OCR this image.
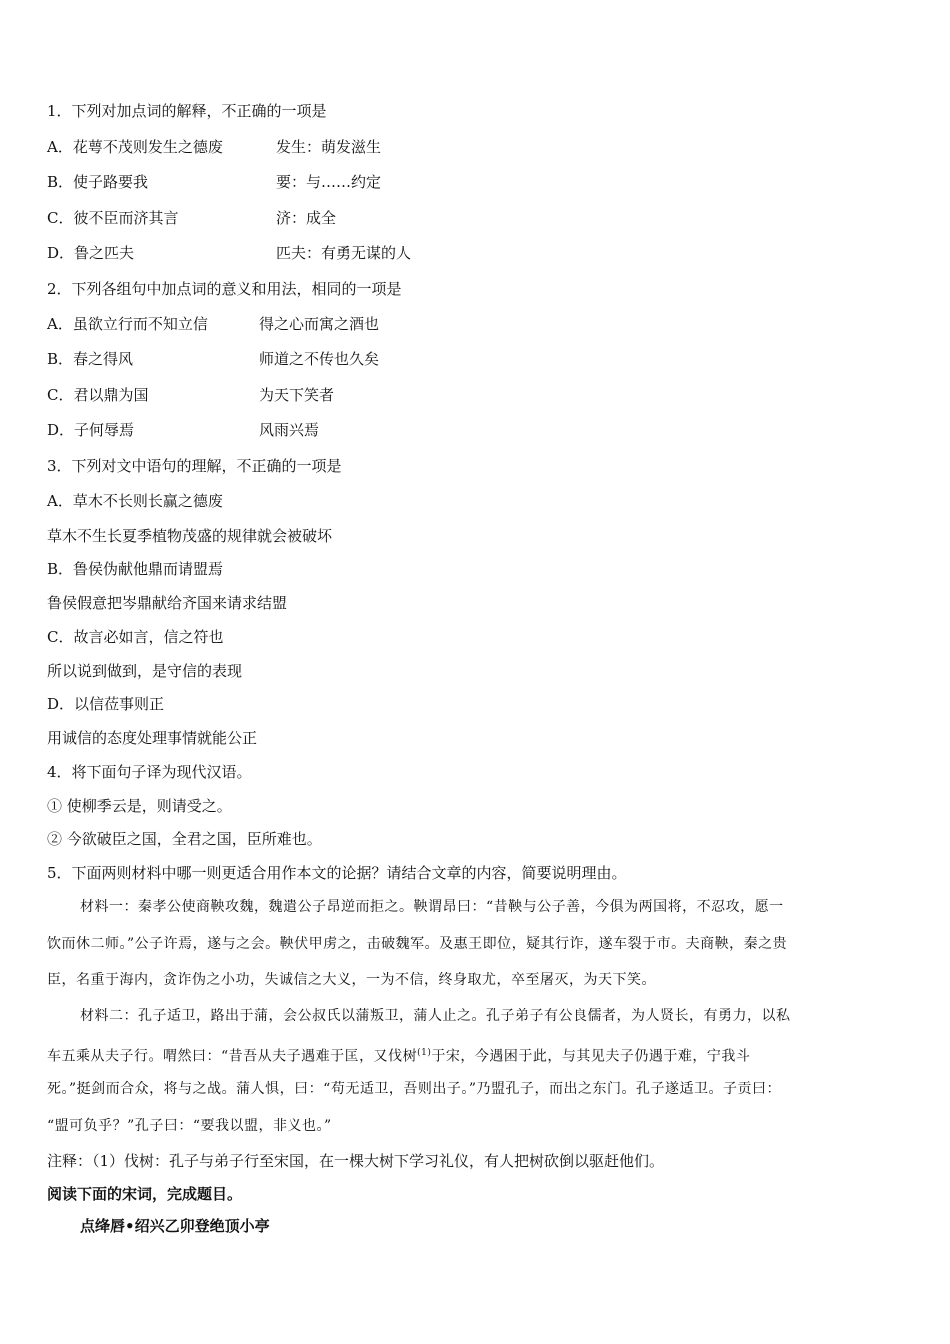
1．下列对加点词的解释，不正确的一项是
A．花萼不茂则发生之德废	发生：萌发滋生
B．使子路要我	要：与……约定
C．彼不臣而济其言	济：成全
D．鲁之匹夫	匹夫：有勇无谋的人
2．下列各组句中加点词的意义和用法，相同的一项是
A．虽欲立行而不知立信	得之心而寓之酒也
B．春之得风	师道之不传也久矣
C．君以鼎为国	为天下笑者
D．子何辱焉	风雨兴焉
3．下列对文中语句的理解，不正确的一项是
A．草木不长则长赢之德废
草木不生长夏季植物茂盛的规律就会被破坏
B．鲁侯伪献他鼎而请盟焉
鲁侯假意把岑鼎献给齐国来请求结盟
C．故言必如言，信之符也
所以说到做到，是守信的表现
D．以信莅事则正
用诚信的态度处理事情就能公正
4．将下面句子译为现代汉语。
① 使柳季云是，则请受之。
② 今欲破臣之国，全君之国，臣所难也。
5．下面两则材料中哪一则更适合用作本文的论据？请结合文章的内容，简要说明理由。
材料一：秦孝公使商鞅攻魏，魏遣公子昂逆而拒之。鞅谓昂曰：“昔鞅与公子善，今俱为两国将，不忍攻，愿一
饮而休二师。”公子许焉，遂与之会。鞅伏甲虏之，击破魏军。及惠王即位，疑其行诈，遂车裂于市。夫商鞅，秦之贵
臣，名重于海内，贪诈伪之小功，失诚信之大义，一为不信，终身取尤，卒至屠灭，为天下笑。
材料二：孔子适卫，路出于蒲，会公叔氏以蒲叛卫，蒲人止之。孔子弟子有公良儒者，为人贤长，有勇力，以私
车五乘从夫子行。喟然曰：“昔吾从夫子遇难于匡，又伐树$^{(1)}$于宋，今遇困于此，与其见夫子仍遇于难，宁我斗
死。”挺剑而合众，将与之战。蒲人惧，曰：“苟无适卫，吾则出子。”乃盟孔子，而出之东门。孔子遂适卫。子贡曰：
“盟可负乎？”孔子曰：“要我以盟，非义也。”
注释：（1）伐树：孔子与弟子行至宋国，在一棵大树下学习礼仪，有人把树砍倒以驱赶他们。
阅读下面的宋词，完成题目。
点绛唇•绍兴乙卯登绝顶小亭
